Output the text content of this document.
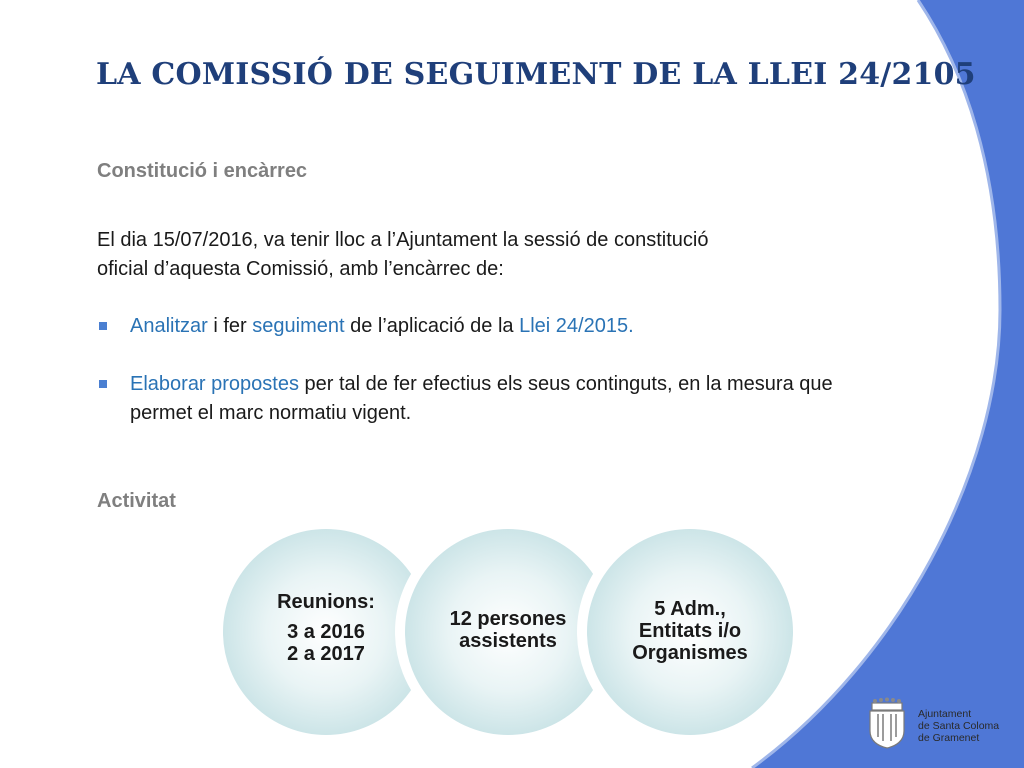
LA COMISSIÓ DE SEGUIMENT DE LA LLEI 24/2105
Constitució i encàrrec

El dia 15/07/2016, va tenir lloc a l’Ajuntament la sessió de constitució
oficial d’aquesta Comissió, amb l’encàrrec de:

Analitzar i fer seguiment de l’aplicació de la Llei 24/2015.
Elaborar propostes per tal de fer efectius els seus continguts, en la mesura que permet el marc normatiu vigent.
Activitat
Reunions:
3 a 2016
2 a 2017
12 persones
assistents
5 Adm.,
Entitats i/o
Organismes
Ajuntament
de Santa Coloma
de Gramenet
